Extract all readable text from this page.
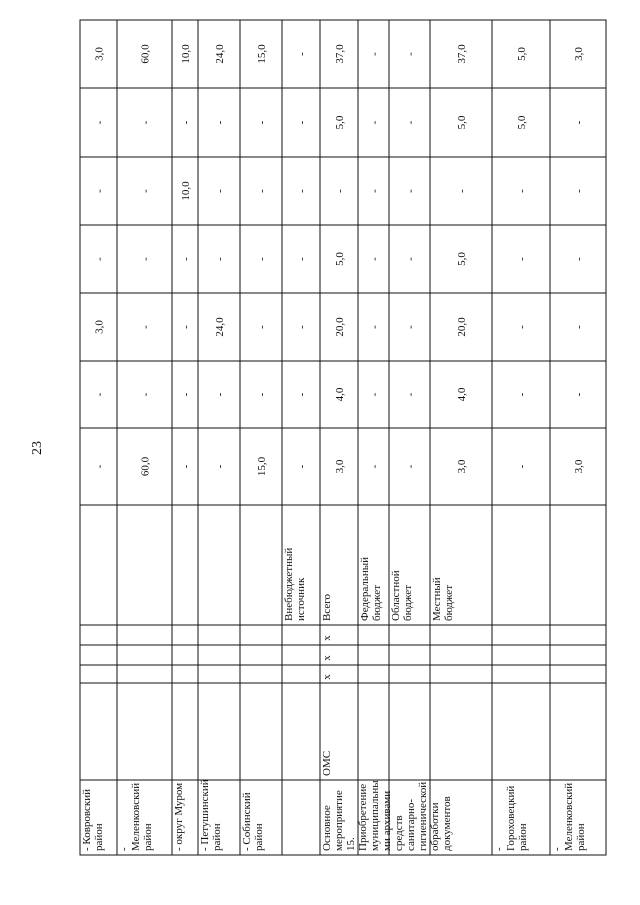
23
- Ковровскийрайон
-
-
3,0
-
-
-
3,0
-Меленковскийрайон
60,0
-
-
-
-
-
60,0
- округ Муром
-
-
-
-
10,0
-
10,0
- Петушинскийрайон
-
-
24,0
-
-
-
24,0
- Собинскийрайон
15,0
-
-
-
-
-
15,0
Внебюджетныйисточник
-
-
-
-
-
-
-
Основноемероприятие15.Приобретениемуниципальными архивамисредствсанитарно-гигиеническойобработкидокументов
ОМС
x
x
x
Всего
3,0
4,0
20,0
5,0
-
5,0
37,0
Федеральныйбюджет
-
-
-
-
-
-
-
Областнойбюджет
-
-
-
-
-
-
-
Местныйбюджет
3,0
4,0
20,0
5,0
-
5,0
37,0
-Гороховецкийрайон
-
-
-
-
-
5,0
5,0
-Меленковскийрайон
3,0
-
-
-
-
-
3,0
